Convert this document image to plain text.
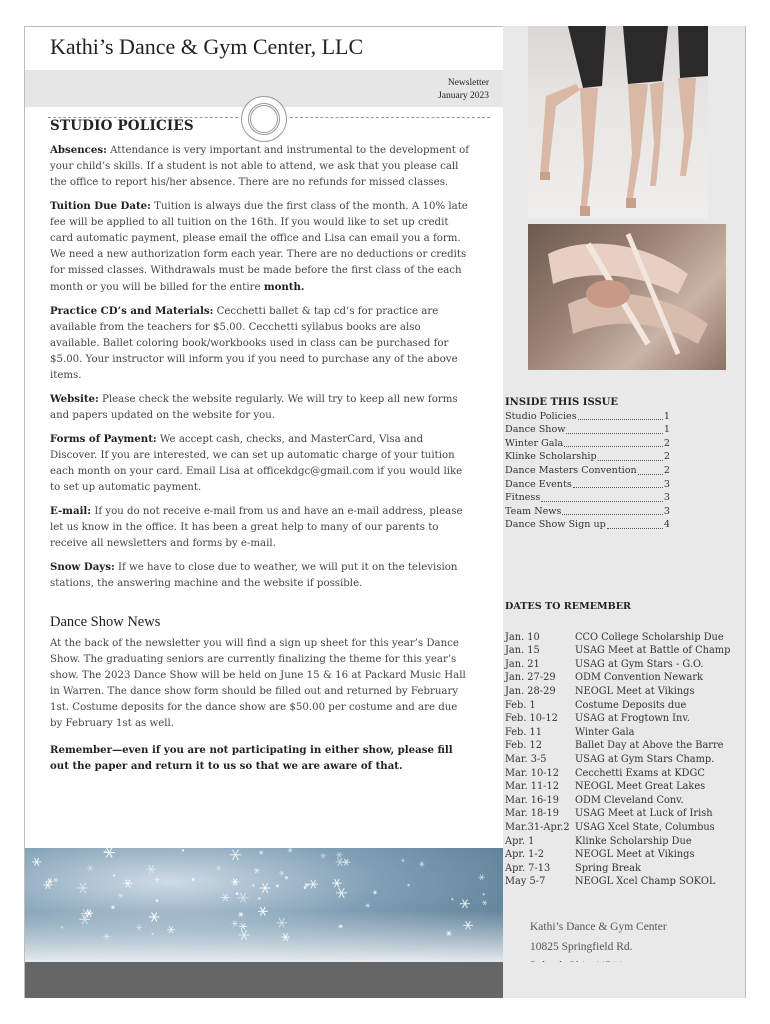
Kathi’s Dance & Gym Center, LLC
Newsletter
January 2023
STUDIO POLICIES

Absences: Attendance is very important and instrumental to the development of your child’s skills. If a student is not able to attend, we ask that you please call the office to report his/her absence. There are no refunds for missed classes.

Tuition Due Date: Tuition is always due the first class of the month. A 10% late fee will be applied to all tuition on the 16th. If you would like to set up credit card automatic payment, please email the office and Lisa can email you a form. We need a new authorization form each year. There are no deductions or credits for missed classes. Withdrawals must be made before the first class of the each month or you will be billed for the entire month.

Practice CD’s and Materials: Cecchetti ballet & tap cd’s for practice are available from the teachers for $5.00. Cecchetti syllabus books are also available. Ballet coloring book/workbooks used in class can be purchased for $5.00. Your instructor will inform you if you need to purchase any of the above items.

Website: Please check the website regularly. We will try to keep all new forms and papers updated on the website for you.

Forms of Payment: We accept cash, checks, and MasterCard, Visa and Discover. If you are interested, we can set up automatic charge of your tuition each month on your card. Email Lisa at officekdgc@gmail.com if you would like to set up automatic payment.

E-mail: If you do not receive e-mail from us and have an e-mail address, please let us know in the office. It has been a great help to many of our parents to receive all newsletters and forms by e-mail.

Snow Days: If we have to close due to weather, we will put it on the television stations, the answering machine and the website if possible.

Dance Show News

At the back of the newsletter you will find a sign up sheet for this year’s Dance Show. The graduating seniors are currently finalizing the theme for this year’s show. The 2023 Dance Show will be held on June 15 & 16 at Packard Music Hall in Warren. The dance show form should be filled out and returned by February 1st. Costume deposits for the dance show are $50.00 per costume and are due by February 1st as well.

Remember—even if you are not participating in either show, please fill out the paper and return it to us so that we are aware of that.

INSIDE THIS ISSUE
Studio Policies	1
Dance Show	1
Winter Gala	2
Klinke Scholarship	2
Dance Masters Convention	2
Dance Events	3
Fitness	3
Team News	3
Dance Show Sign up	4
DATES TO REMEMBER
Jan. 10	CCO College Scholarship Due
Jan. 15	USAG Meet at Battle of Champ
Jan. 21	USAG at Gym Stars - G.O.
Jan. 27-29	ODM Convention Newark
Jan. 28-29	NEOGL Meet at Vikings
Feb. 1	Costume Deposits due
Feb. 10-12	USAG at Frogtown Inv.
Feb. 11	Winter Gala
Feb. 12	Ballet Day at Above the Barre
Mar. 3-5	USAG at Gym Stars Champ.
Mar. 10-12	Cecchetti Exams at KDGC
Mar. 11-12	NEOGL Meet Great Lakes
Mar. 16-19	ODM Cleveland Conv.
Mar. 18-19	USAG Meet at Luck of Irish
Mar.31-Apr.2 USAG Xcel State, Columbus
Apr. 1	Klinke Scholarship Due
Apr. 1-2	NEOGL Meet at Vikings
Apr. 7-13	Spring Break
May 5-7	NEOGL Xcel Champ SOKOL
Kathi’s Dance & Gym Center
10825 Springfield Rd.
